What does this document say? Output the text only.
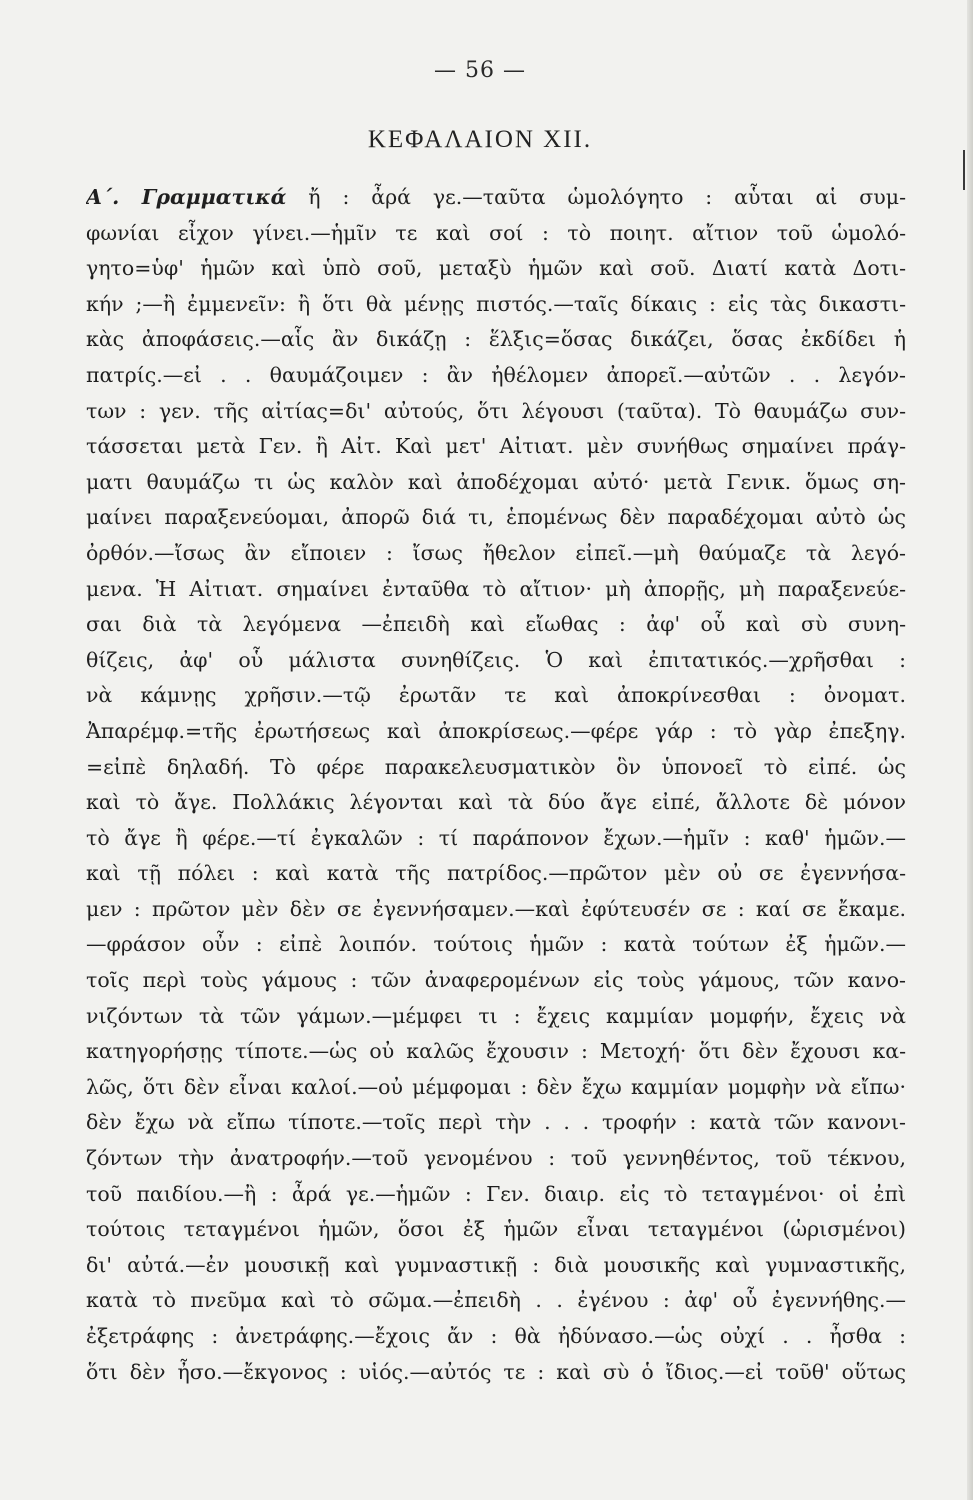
— 56 —
ΚΕΦΑΛΑΙΟΝ XII.
Α΄. Γραμματικά ἤ : ἆρά γε.—ταῦτα ὡμολόγητο : αὗται αἱ συμ-
φωνίαι εἶχον γίνει.—ἡμῖν τε καὶ σοί : τὸ ποιητ. αἴτιον τοῦ ὡμολό-
γητο=ὑφ' ἡμῶν καὶ ὑπὸ σοῦ, μεταξὺ ἡμῶν καὶ σοῦ. Διατί κατὰ Δοτι-
κήν ;—ἢ ἐμμενεῖν: ἢ ὅτι θὰ μένῃς πιστός.—ταῖς δίκαις : εἰς τὰς δικαστι-
κὰς ἀποφάσεις.—αἷς ἂν δικάζῃ : ἕλξις=ὅσας δικάζει, ὅσας ἐκδίδει ἡ
πατρίς.—εἰ . . θαυμάζοιμεν : ἂν ἠθέλομεν ἀπορεῖ.—αὐτῶν . . λεγόν-
των : γεν. τῆς αἰτίας=δι' αὐτούς, ὅτι λέγουσι (ταῦτα). Τὸ θαυμάζω συν-
τάσσεται μετὰ Γεν. ἢ Αἰτ. Καὶ μετ' Αἰτιατ. μὲν συνήθως σημαίνει πράγ-
ματι θαυμάζω τι ὡς καλὸν καὶ ἀποδέχομαι αὐτό· μετὰ Γενικ. ὅμως ση-
μαίνει παραξενεύομαι, ἀπορῶ διά τι, ἑπομένως δὲν παραδέχομαι αὐτὸ ὡς
ὀρθόν.—ἴσως ἂν εἴποιεν : ἴσως ἤθελον εἰπεῖ.—μὴ θαύμαζε τὰ λεγό-
μενα. Ἡ Αἰτιατ. σημαίνει ἐνταῦθα τὸ αἴτιον· μὴ ἀπορῇς, μὴ παραξενεύε-
σαι διὰ τὰ λεγόμενα —ἐπειδὴ καὶ εἴωθας : ἀφ' οὗ καὶ σὺ συνη-
θίζεις, ἀφ' οὗ μάλιστα συνηθίζεις. Ὁ καὶ ἐπιτατικός.—χρῆσθαι :
νὰ κάμνῃς χρῆσιν.—τῷ ἐρωτᾶν τε καὶ ἀποκρίνεσθαι : ὀνοματ.
Ἀπαρέμφ.=τῆς ἐρωτήσεως καὶ ἀποκρίσεως.—φέρε γάρ : τὸ γὰρ ἐπεξηγ.
=εἰπὲ δηλαδή. Τὸ φέρε παρακελευσματικὸν ὃν ὑπονοεῖ τὸ εἰπέ. ὡς
καὶ τὸ ἄγε. Πολλάκις λέγονται καὶ τὰ δύο ἄγε εἰπέ, ἄλλοτε δὲ μόνον
τὸ ἄγε ἢ φέρε.—τί ἐγκαλῶν : τί παράπονον ἔχων.—ἡμῖν : καθ' ἡμῶν.—
καὶ τῇ πόλει : καὶ κατὰ τῆς πατρίδος.—πρῶτον μὲν οὐ σε ἐγεννήσα-
μεν : πρῶτον μὲν δὲν σε ἐγεννήσαμεν.—καὶ ἐφύτευσέν σε : καί σε ἔκαμε.
—φράσον οὖν : εἰπὲ λοιπόν. τούτοις ἡμῶν : κατὰ τούτων ἐξ ἡμῶν.—
τοῖς περὶ τοὺς γάμους : τῶν ἀναφερομένων εἰς τοὺς γάμους, τῶν κανο-
νιζόντων τὰ τῶν γάμων.—μέμφει τι : ἔχεις καμμίαν μομφήν, ἔχεις νὰ
κατηγορήσῃς τίποτε.—ὡς οὐ καλῶς ἔχουσιν : Μετοχή· ὅτι δὲν ἔχουσι κα-
λῶς, ὅτι δὲν εἶναι καλοί.—οὐ μέμφομαι : δὲν ἔχω καμμίαν μομφὴν νὰ εἴπω·
δὲν ἔχω νὰ εἴπω τίποτε.—τοῖς περὶ τὴν . . . τροφήν : κατὰ τῶν κανονι-
ζόντων τὴν ἀνατροφήν.—τοῦ γενομένου : τοῦ γεννηθέντος, τοῦ τέκνου,
τοῦ παιδίου.—ἢ : ἆρά γε.—ἡμῶν : Γεν. διαιρ. εἰς τὸ τεταγμένοι· οἱ ἐπὶ
τούτοις τεταγμένοι ἡμῶν, ὅσοι ἐξ ἡμῶν εἶναι τεταγμένοι (ὡρισμένοι)
δι' αὐτά.—ἐν μουσικῇ καὶ γυμναστικῇ : διὰ μουσικῆς καὶ γυμναστικῆς,
κατὰ τὸ πνεῦμα καὶ τὸ σῶμα.—ἐπειδὴ . . ἐγένου : ἀφ' οὗ ἐγεννήθης.—
ἐξετράφης : ἀνετράφης.—ἔχοις ἄν : θὰ ἠδύνασο.—ὡς οὐχί . . ἦσθα :
ὅτι δὲν ἦσο.—ἔκγονος : υἱός.—αὐτός τε : καὶ σὺ ὁ ἴδιος.—εἰ τοῦθ' οὕτως
